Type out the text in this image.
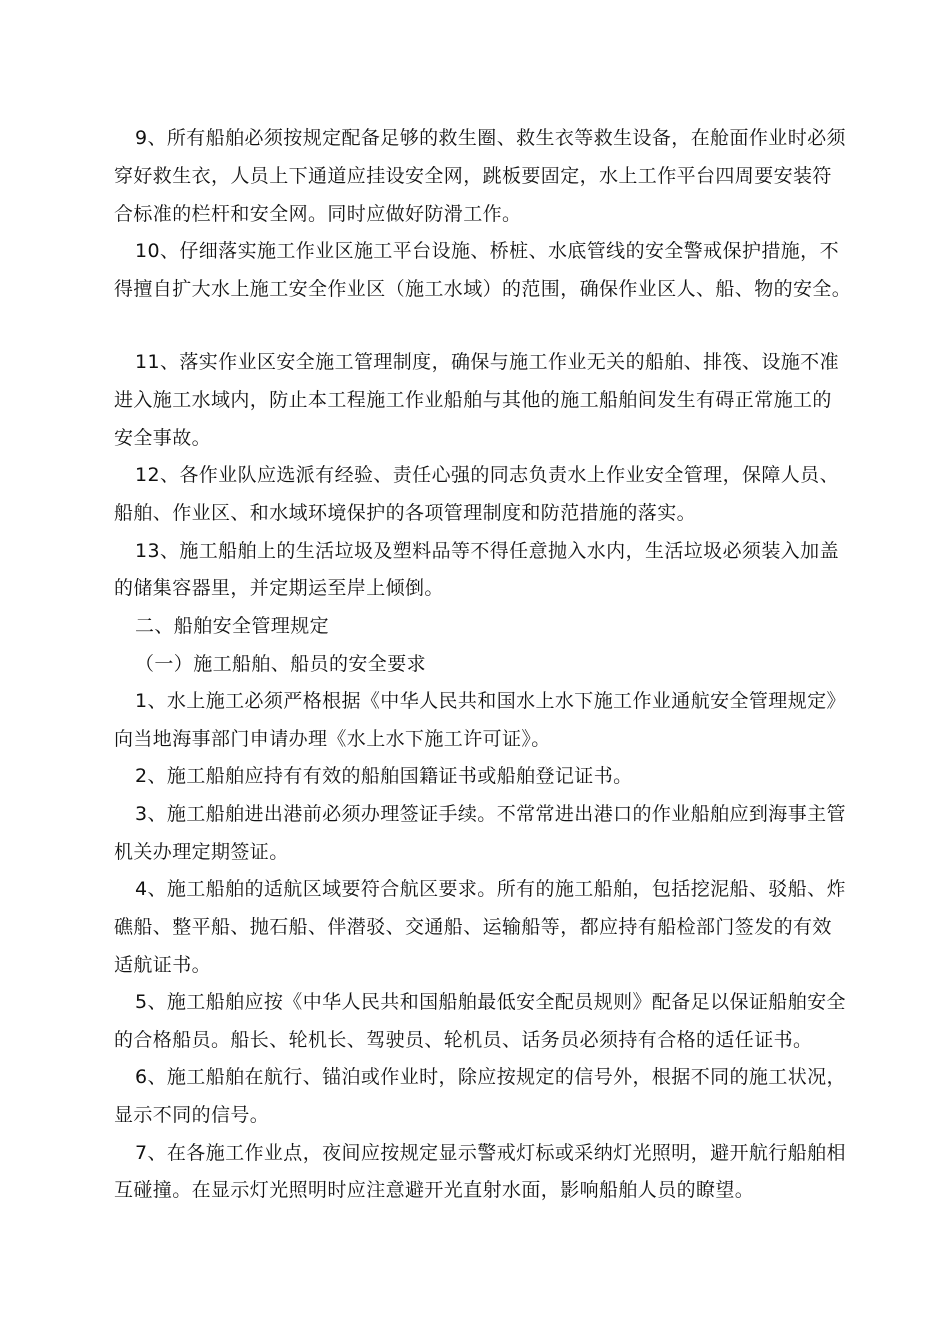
9、所有船舶必须按规定配备足够的救生圈、救生衣等救生设备，在舱面作业时必须
穿好救生衣，人员上下通道应挂设安全网，跳板要固定，水上工作平台四周要安装符
合标准的栏杆和安全网。同时应做好防滑工作。
10、仔细落实施工作业区施工平台设施、桥桩、水底管线的安全警戒保护措施，不
得擅自扩大水上施工安全作业区（施工水域）的范围，确保作业区人、船、物的安全。
11、落实作业区安全施工管理制度，确保与施工作业无关的船舶、排筏、设施不准
进入施工水域内，防止本工程施工作业船舶与其他的施工船舶间发生有碍正常施工的
安全事故。
12、各作业队应选派有经验、责任心强的同志负责水上作业安全管理，保障人员、
船舶、作业区、和水域环境保护的各项管理制度和防范措施的落实。
13、施工船舶上的生活垃圾及塑料品等不得任意抛入水内，生活垃圾必须装入加盖
的储集容器里，并定期运至岸上倾倒。
二、船舶安全管理规定
（一）施工船舶、船员的安全要求
1、水上施工必须严格根据《中华人民共和国水上水下施工作业通航安全管理规定》
向当地海事部门申请办理《水上水下施工许可证》。
2、施工船舶应持有有效的船舶国籍证书或船舶登记证书。
3、施工船舶进出港前必须办理签证手续。不常常进出港口的作业船舶应到海事主管
机关办理定期签证。
4、施工船舶的适航区域要符合航区要求。所有的施工船舶，包括挖泥船、驳船、炸
礁船、整平船、抛石船、伴潜驳、交通船、运输船等，都应持有船检部门签发的有效
适航证书。
5、施工船舶应按《中华人民共和国船舶最低安全配员规则》配备足以保证船舶安全
的合格船员。船长、轮机长、驾驶员、轮机员、话务员必须持有合格的适任证书。
6、施工船舶在航行、锚泊或作业时，除应按规定的信号外，根据不同的施工状况，
显示不同的信号。
7、在各施工作业点，夜间应按规定显示警戒灯标或采纳灯光照明，避开航行船舶相
互碰撞。在显示灯光照明时应注意避开光直射水面，影响船舶人员的瞭望。
